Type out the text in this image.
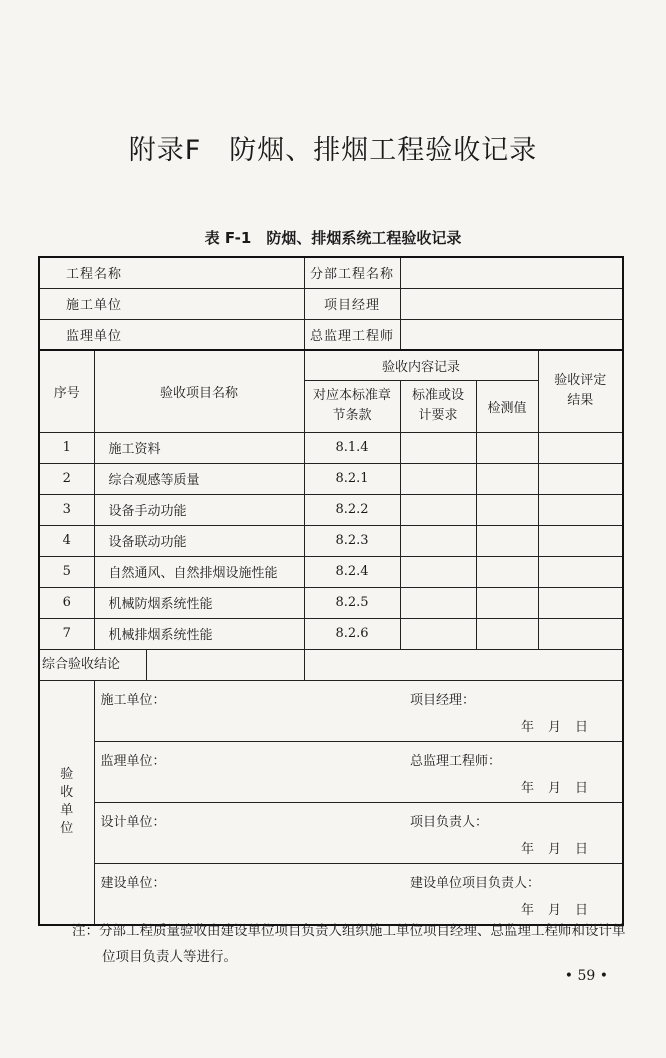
附录F　防烟、排烟工程验收记录
表 F-1　防烟、排烟系统工程验收记录
工程名称		分部工程名称			
施工单位		项目经理			
监理单位		总监理工程师			
序号	验收项目名称	验收内容记录			验收评定结果

		对应本标准章节条款	标准或设计要求	检测值	
1	施工资料	8.1.4			
2	综合观感等质量	8.2.1			
3	设备手动功能	8.2.2			
4	设备联动功能	8.2.3			
5	自然通风、自然排烟设施性能	8.2.4			
6	机械防烟系统性能	8.2.5			
7	机械排烟系统性能	8.2.6			
综合验收结论					

验收单位	施工单位：		项目经理：
年月日		

	监理单位：		总监理工程师：
年月日		

	设计单位：		项目负责人：
年月日		

	建设单位：		建设单位项目负责人：
年月日		
注：分部工程质量验收由建设单位项目负责人组织施工单位项目经理、总监理工程师和设计单位项目负责人等进行。
• 59 •
